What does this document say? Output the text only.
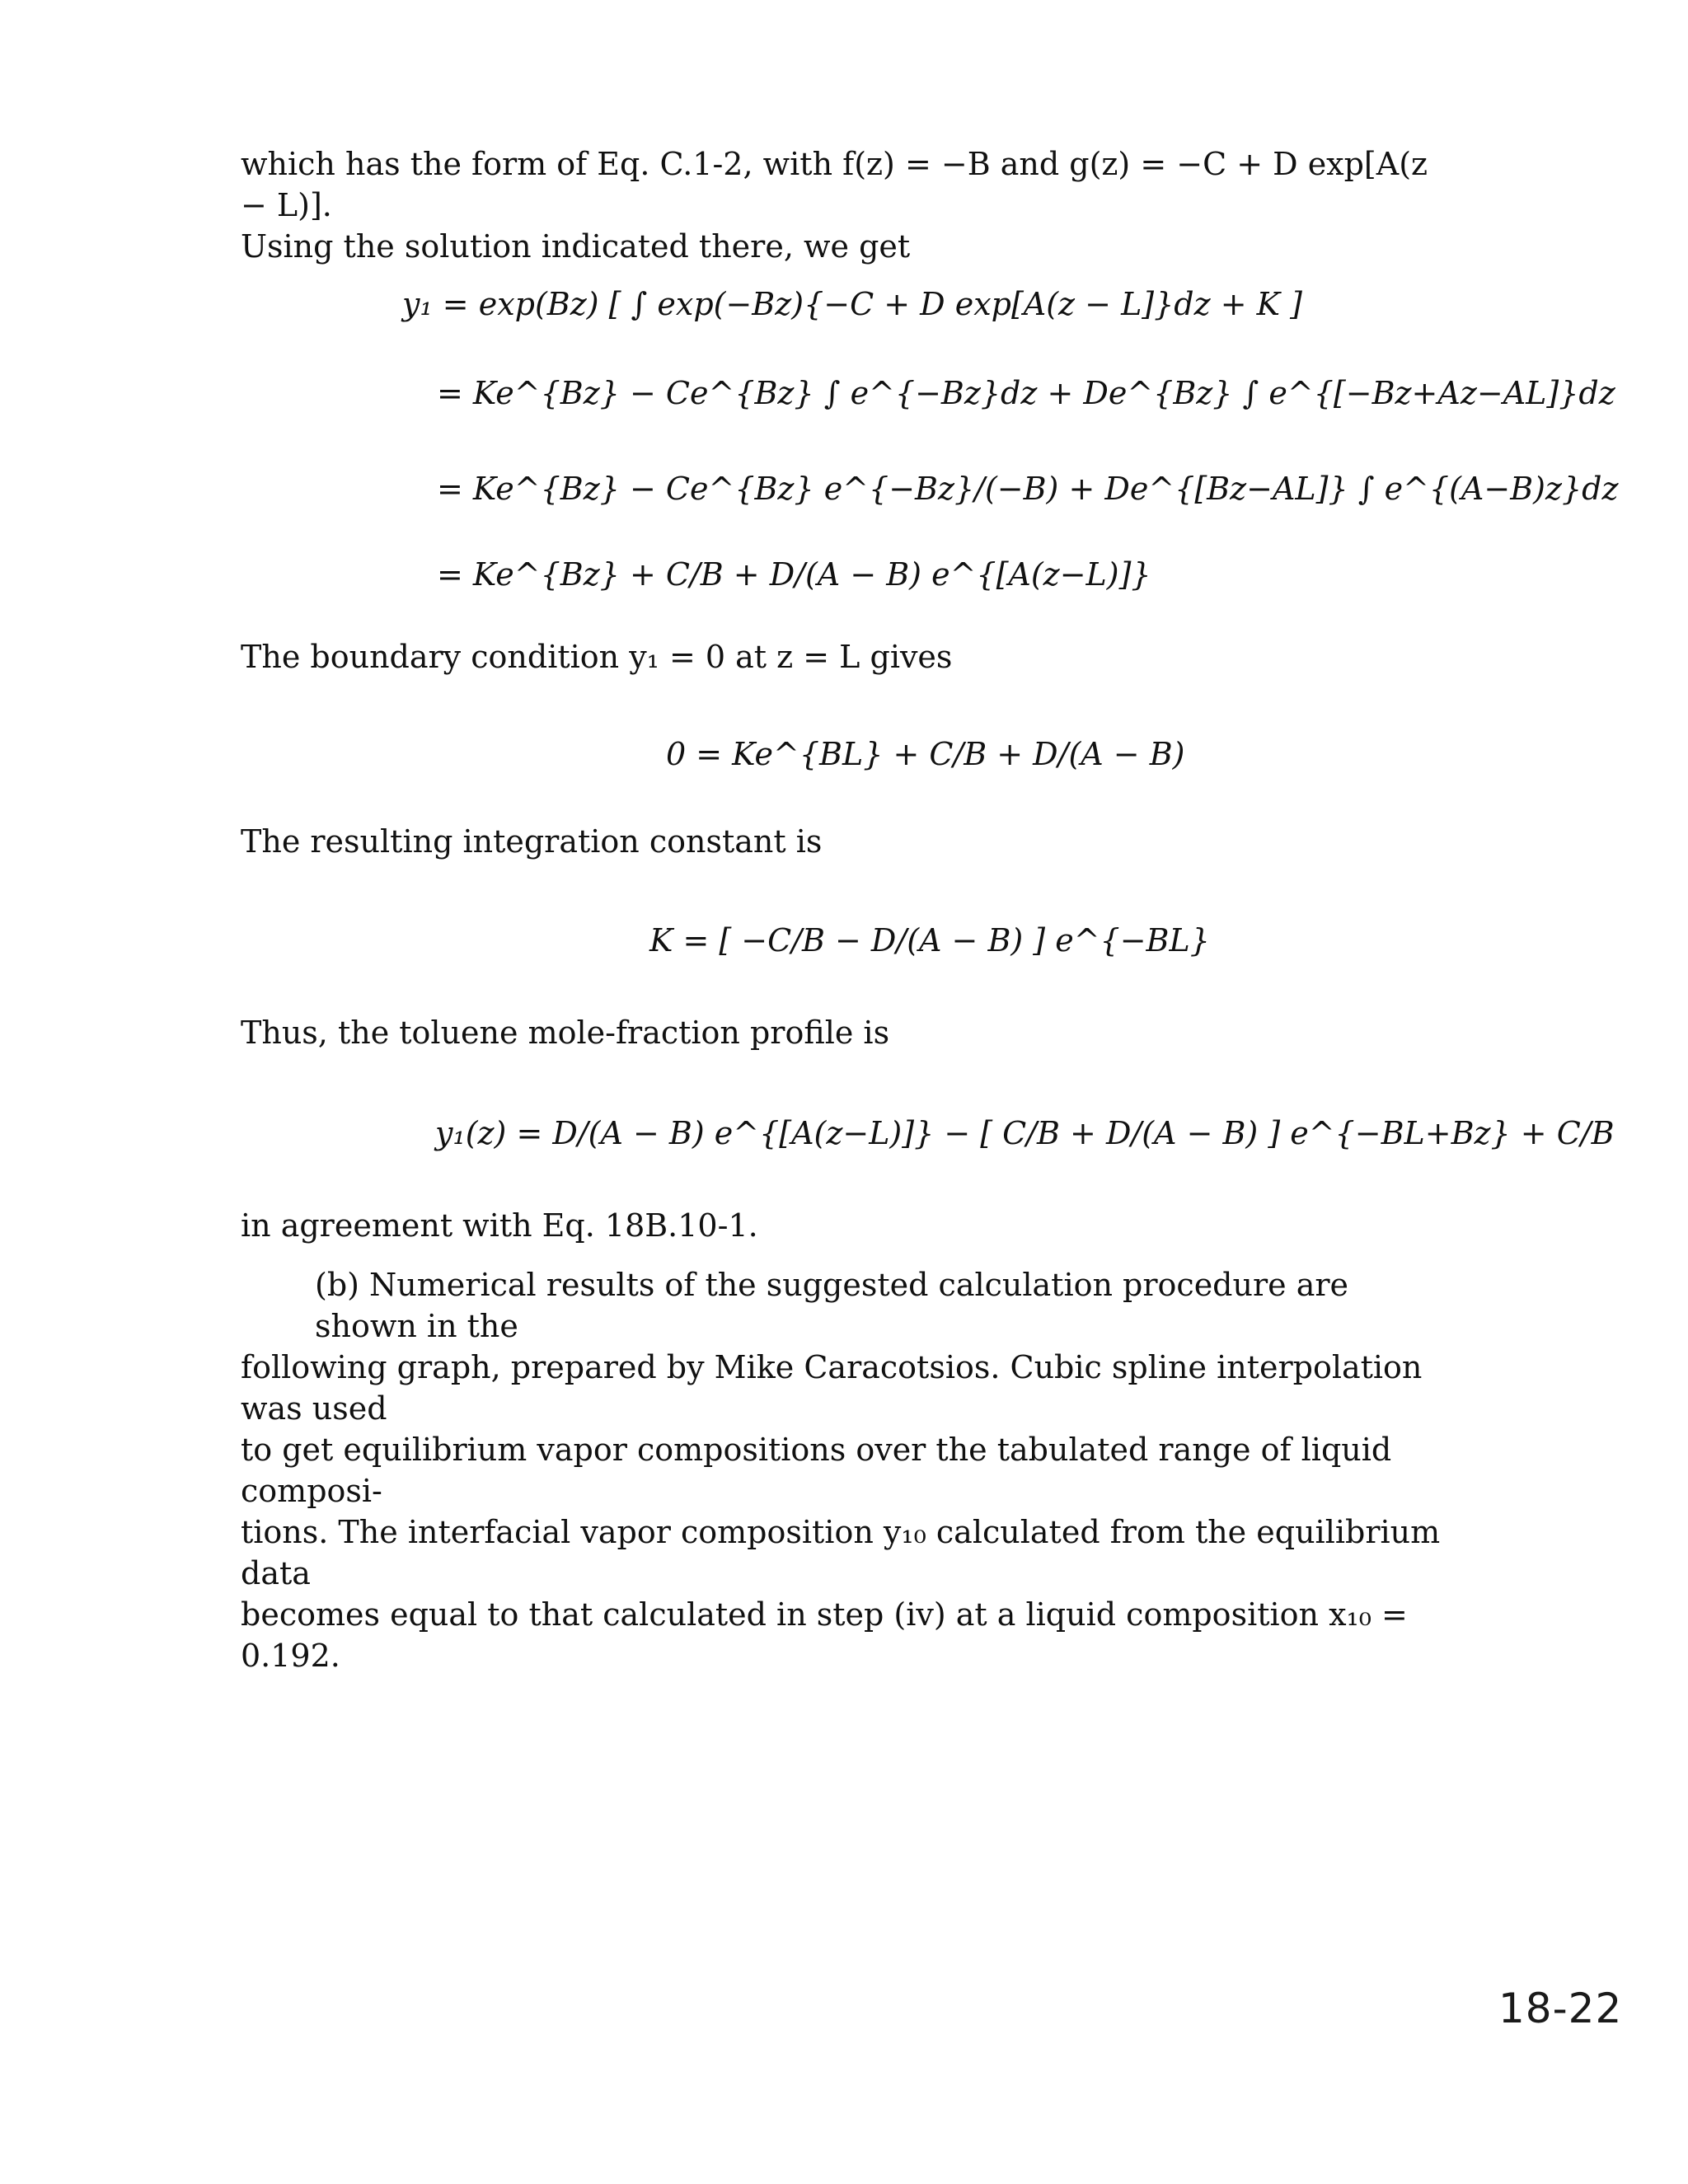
which has the form of Eq. C.1-2, with f(z) = −B and g(z) = −C + D exp[A(z − L)].
Using the solution indicated there, we get
y₁ = exp(Bz) [ ∫ exp(−Bz){−C + D exp[A(z − L]}dz + K ]
= Ke^{Bz} − Ce^{Bz} ∫ e^{−Bz}dz + De^{Bz} ∫ e^{[−Bz+Az−AL]}dz
= Ke^{Bz} − Ce^{Bz} e^{−Bz}/(−B) + De^{[Bz−AL]} ∫ e^{(A−B)z}dz
= Ke^{Bz} + C/B + D/(A − B) e^{[A(z−L)]}
The boundary condition y₁ = 0 at z = L gives
0 = Ke^{BL} + C/B + D/(A − B)
The resulting integration constant is
K = [ −C/B − D/(A − B) ] e^{−BL}
Thus, the toluene mole-fraction profile is
y₁(z) = D/(A − B) e^{[A(z−L)]} − [ C/B + D/(A − B) ] e^{−BL+Bz} + C/B
in agreement with Eq. 18B.10-1.
(b) Numerical results of the suggested calculation procedure are shown in the
following graph, prepared by Mike Caracotsios. Cubic spline interpolation was used
to get equilibrium vapor compositions over the tabulated range of liquid composi-
tions. The interfacial vapor composition y₁₀ calculated from the equilibrium data
becomes equal to that calculated in step (iv) at a liquid composition x₁₀ = 0.192.
18-22
